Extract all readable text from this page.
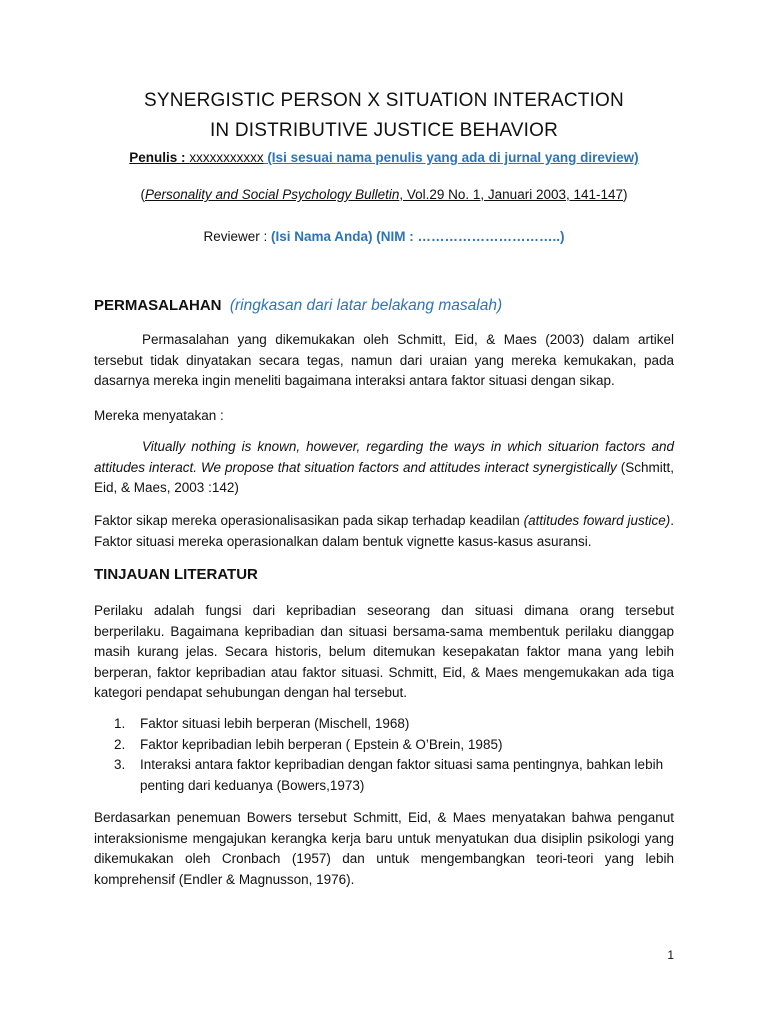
SYNERGISTIC PERSON X SITUATION INTERACTION
IN DISTRIBUTIVE JUSTICE BEHAVIOR
Penulis : xxxxxxxxxxx (Isi sesuai nama penulis yang ada di jurnal yang direview)
(Personality and Social Psychology Bulletin, Vol.29 No. 1, Januari 2003, 141-147)
Reviewer : (Isi Nama Anda) (NIM : …………………………..)
PERMASALAHAN (ringkasan dari latar belakang masalah)
Permasalahan yang dikemukakan oleh Schmitt, Eid, & Maes (2003) dalam artikel tersebut tidak dinyatakan secara tegas, namun dari uraian yang mereka kemukakan, pada dasarnya mereka ingin meneliti bagaimana interaksi antara faktor situasi dengan sikap.
Mereka menyatakan :
Vitually nothing is known, however, regarding the ways in which situarion factors and attitudes interact. We propose that situation factors and attitudes interact synergistically (Schmitt, Eid, & Maes, 2003 :142)
Faktor sikap mereka operasionalisasikan pada sikap terhadap keadilan (attitudes foward justice). Faktor situasi mereka operasionalkan dalam bentuk vignette kasus-kasus asuransi.
TINJAUAN LITERATUR
Perilaku adalah fungsi dari kepribadian seseorang dan situasi dimana orang tersebut berperilaku. Bagaimana kepribadian dan situasi bersama-sama membentuk perilaku dianggap masih kurang jelas. Secara historis, belum ditemukan kesepakatan faktor mana yang lebih berperan, faktor kepribadian atau faktor situasi. Schmitt, Eid, & Maes mengemukakan ada tiga kategori pendapat sehubungan dengan hal tersebut.
1. Faktor situasi lebih berperan (Mischell, 1968)
2. Faktor kepribadian lebih berperan ( Epstein & O’Brein, 1985)
3. Interaksi antara faktor kepribadian dengan faktor situasi sama pentingnya, bahkan lebih penting dari keduanya (Bowers,1973)
Berdasarkan penemuan Bowers tersebut Schmitt, Eid, & Maes menyatakan bahwa penganut interaksionisme mengajukan kerangka kerja baru untuk menyatukan dua disiplin psikologi yang dikemukakan oleh Cronbach (1957) dan untuk mengembangkan teori-teori yang lebih komprehensif (Endler & Magnusson, 1976).
1
